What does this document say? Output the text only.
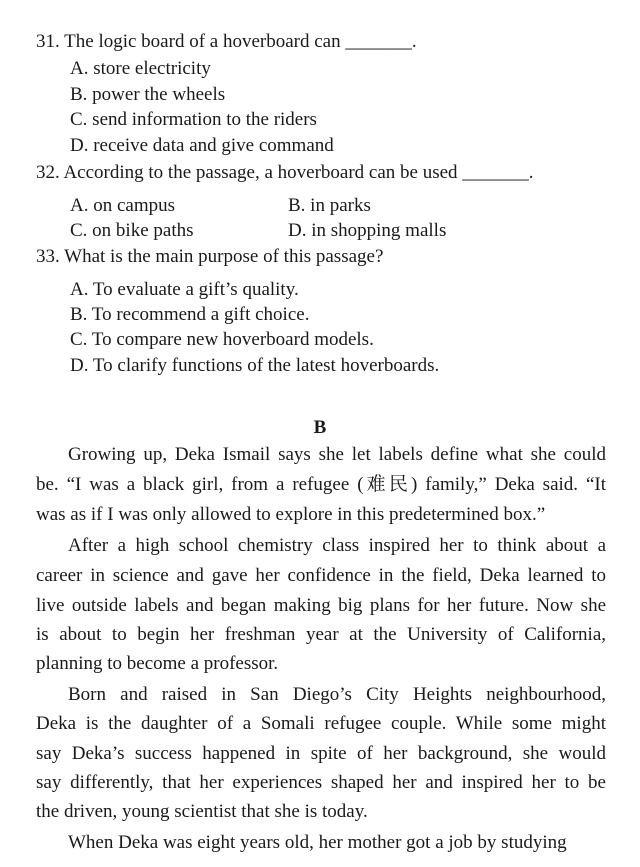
31. The logic board of a hoverboard can _______.
A. store electricity
B. power the wheels
C. send information to the riders
D. receive data and give command
32. According to the passage, a hoverboard can be used _______.
A. on campus	B. in parks
C. on bike paths	D. in shopping malls
33. What is the main purpose of this passage?
A. To evaluate a gift’s quality.
B. To recommend a gift choice.
C. To compare new hoverboard models.
D. To clarify functions of the latest hoverboards.
B
Growing up, Deka Ismail says she let labels define what she could
be. “I was a black girl, from a refugee (难民) family,” Deka said. “It
was as if I was only allowed to explore in this predetermined box.”
After a high school chemistry class inspired her to think about a
career in science and gave her confidence in the field, Deka learned to
live outside labels and began making big plans for her future. Now she
is about to begin her freshman year at the University of California,
planning to become a professor.
Born and raised in San Diego’s City Heights neighbourhood,
Deka is the daughter of a Somali refugee couple. While some might
say Deka’s success happened in spite of her background, she would
say differently, that her experiences shaped her and inspired her to be
the driven, young scientist that she is today.
When Deka was eight years old, her mother got a job by studying
